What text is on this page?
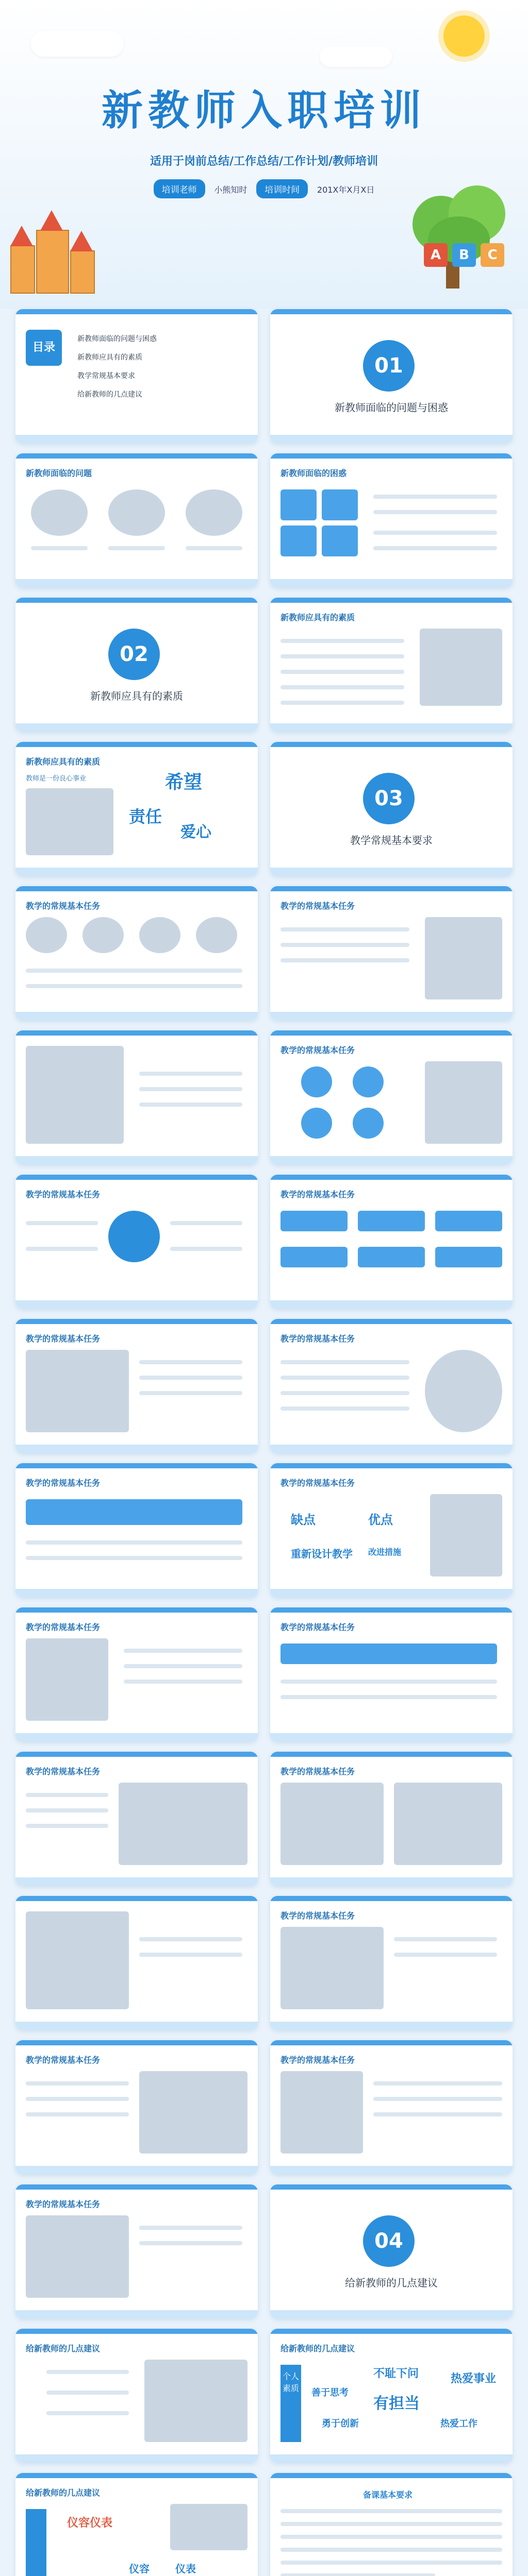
新教师入职培训
适用于岗前总结/工作总结/工作计划/教师培训
培训老师 小熊知时 培训时间 201X年X月X日
A B C
目录
新教师面临的问题与困惑
新教师应具有的素质
教学常规基本要求
给新教师的几点建议
01
新教师面临的问题与困惑
新教师面临的问题	新教师面临的困惑
02
新教师应具有的素质
新教师应具有的素质
新教师应具有的素质
教师是一份良心事业	希望
责任
爱心
03
教学常规基本要求
教学的常规基本任务	教学的常规基本任务
教学的常规基本任务
教学的常规基本任务	教学的常规基本任务
教学的常规基本任务	教学的常规基本任务
教学的常规基本任务	教学的常规基本任务
缺点	优点
重新设计教学 改进措施
教学的常规基本任务	教学的常规基本任务
教学的常规基本任务	教学的常规基本任务
教学的常规基本任务
教学的常规基本任务	教学的常规基本任务
教学的常规基本任务
04
给新教师的几点建议
给新教师的几点建议	给新教师的几点建议
个人素质
不耻下问
善于思考
有担当
热爱事业
勇于创新	热爱工作
给新教师的几点建议
仪容仪表
仪容	仪表
备课基本要求
